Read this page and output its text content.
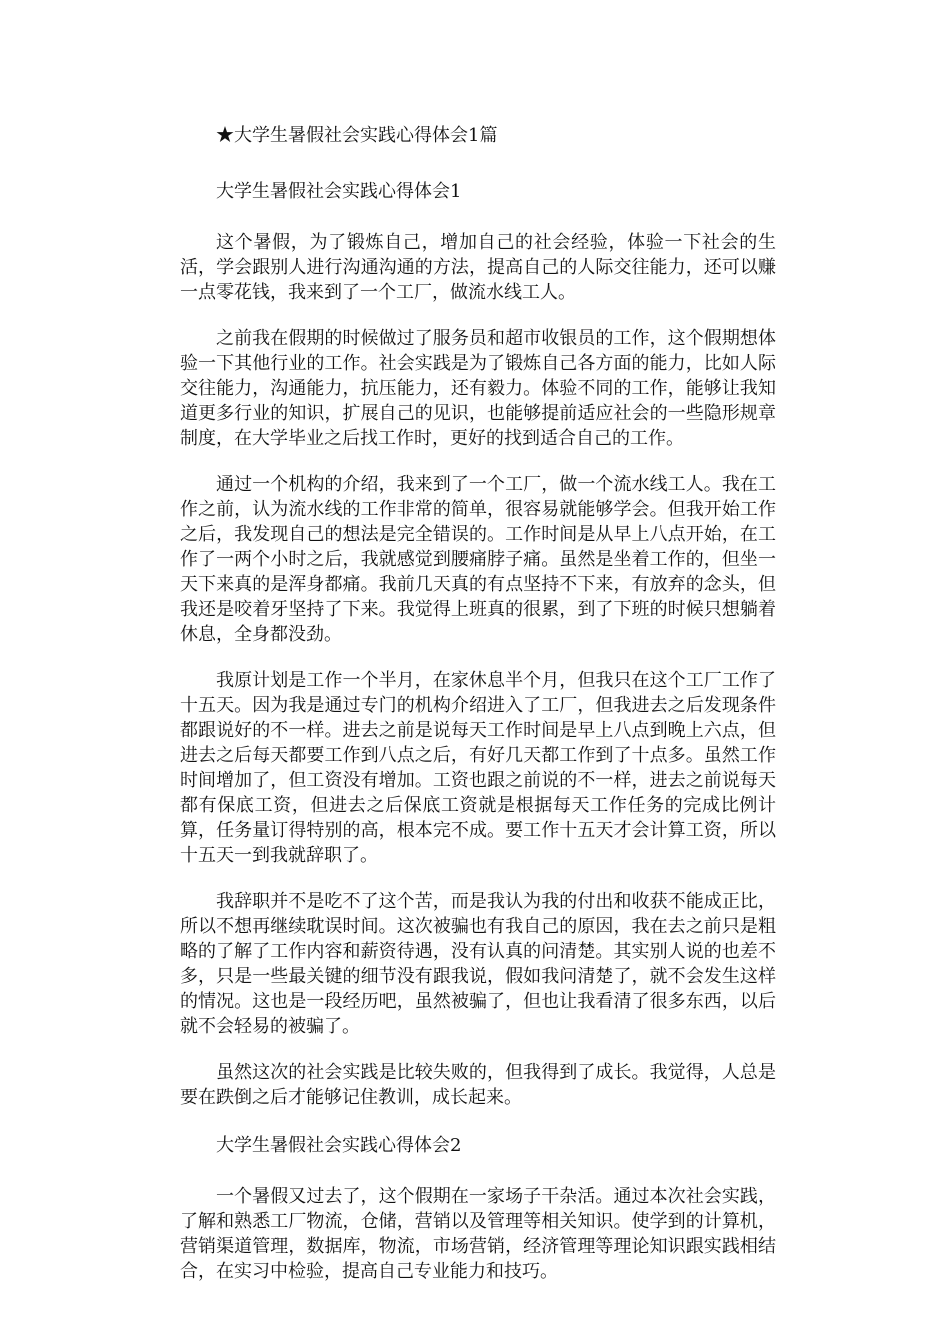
★大学生暑假社会实践心得体会1篇
大学生暑假社会实践心得体会1

这个暑假，为了锻炼自己，增加自己的社会经验，体验一下社会的生活，学会跟别人进行沟通沟通的方法，提高自己的人际交往能力，还可以赚一点零花钱，我来到了一个工厂，做流水线工人。

之前我在假期的时候做过了服务员和超市收银员的工作，这个假期想体验一下其他行业的工作。社会实践是为了锻炼自己各方面的能力，比如人际交往能力，沟通能力，抗压能力，还有毅力。体验不同的工作，能够让我知道更多行业的知识，扩展自己的见识，也能够提前适应社会的一些隐形规章制度，在大学毕业之后找工作时，更好的找到适合自己的工作。

通过一个机构的介绍，我来到了一个工厂，做一个流水线工人。我在工作之前，认为流水线的工作非常的简单，很容易就能够学会。但我开始工作之后，我发现自己的想法是完全错误的。工作时间是从早上八点开始，在工作了一两个小时之后，我就感觉到腰痛脖子痛。虽然是坐着工作的，但坐一天下来真的是浑身都痛。我前几天真的有点坚持不下来，有放弃的念头，但我还是咬着牙坚持了下来。我觉得上班真的很累，到了下班的时候只想躺着休息，全身都没劲。

我原计划是工作一个半月，在家休息半个月，但我只在这个工厂工作了十五天。因为我是通过专门的机构介绍进入了工厂，但我进去之后发现条件都跟说好的不一样。进去之前是说每天工作时间是早上八点到晚上六点，但进去之后每天都要工作到八点之后，有好几天都工作到了十点多。虽然工作时间增加了，但工资没有增加。工资也跟之前说的不一样，进去之前说每天都有保底工资，但进去之后保底工资就是根据每天工作任务的完成比例计算，任务量订得特别的高，根本完不成。要工作十五天才会计算工资，所以十五天一到我就辞职了。

我辞职并不是吃不了这个苦，而是我认为我的付出和收获不能成正比，所以不想再继续耽误时间。这次被骗也有我自己的原因，我在去之前只是粗略的了解了工作内容和薪资待遇，没有认真的问清楚。其实别人说的也差不多，只是一些最关键的细节没有跟我说，假如我问清楚了，就不会发生这样的情况。这也是一段经历吧，虽然被骗了，但也让我看清了很多东西，以后就不会轻易的被骗了。

虽然这次的社会实践是比较失败的，但我得到了成长。我觉得，人总是要在跌倒之后才能够记住教训，成长起来。

大学生暑假社会实践心得体会2

一个暑假又过去了，这个假期在一家场子干杂活。通过本次社会实践，了解和熟悉工厂物流，仓储，营销以及管理等相关知识。使学到的计算机，营销渠道管理，数据库，物流，市场营销，经济管理等理论知识跟实践相结合，在实习中检验，提高自己专业能力和技巧。
